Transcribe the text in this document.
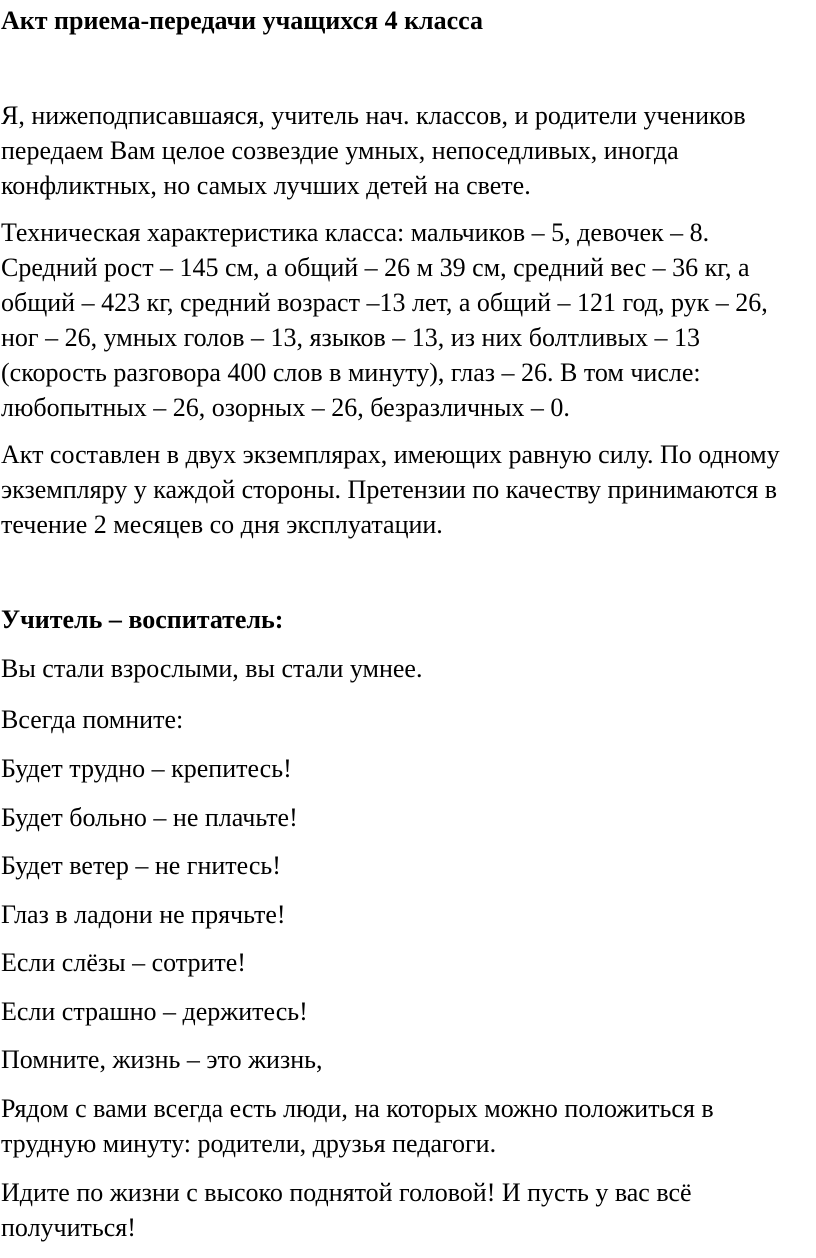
Акт приема-передачи учащихся 4 класса

Я, нижеподписавшаяся, учитель нач. классов, и родители учеников передаем Вам целое созвездие умных, непоседливых, иногда конфликтных, но самых лучших детей на свете.

Техническая характеристика класса: мальчиков – 5, девочек – 8. Средний рост – 145 см, а общий – 26 м 39 см, средний вес – 36 кг, а общий – 423 кг, средний возраст –13 лет, а общий – 121 год, рук – 26, ног – 26, умных голов – 13, языков – 13, из них болтливых – 13 (скорость разговора 400 слов в минуту), глаз – 26. В том числе: любопытных – 26, озорных – 26, безразличных – 0.

Акт составлен в двух экземплярах, имеющих равную силу. По одному экземпляру у каждой стороны. Претензии по качеству принимаются в течение 2 месяцев со дня эксплуатации.

Учитель – воспитатель:

Вы стали взрослыми, вы стали умнее.

Всегда помните:

Будет трудно – крепитесь!

Будет больно – не плачьте!

Будет ветер – не гнитесь!

Глаз в ладони не прячьте!

Если слёзы – сотрите!

Если страшно – держитесь!

Помните, жизнь – это жизнь,

Рядом с вами всегда есть люди, на которых можно положиться в трудную минуту: родители, друзья педагоги.

Идите по жизни с высоко поднятой головой! И пусть у вас всё получиться!
